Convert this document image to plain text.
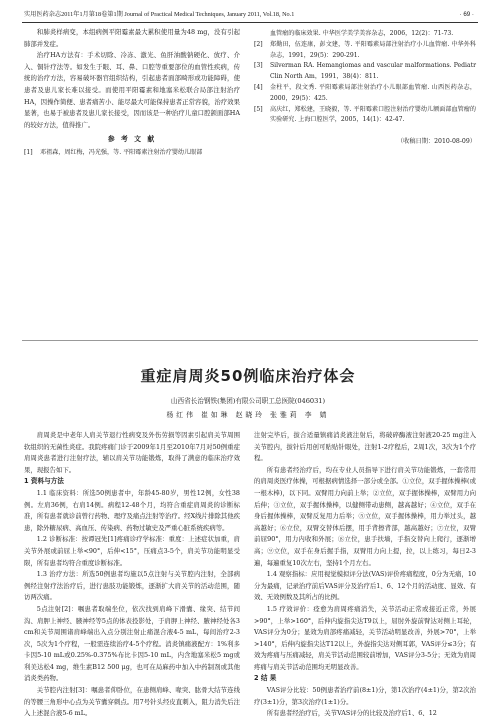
实用医药杂志2011年1月第18卷第1期 Journal of Practical Medical Techniques, January 2011, Vol.18, No.1	· 69 ·

和肺炎样病变，本组病例平阳霉素最大累积使用量为48 mg，没有引起肺部并发症。

治疗HA方法有：手术切除、冷冻、激光、鱼肝油酸钠硬化、放疗、介入、铜针疗法等。如发生于眼、耳、鼻、口腔等重要部位的血管性疾病，传统的治疗方法，容易破坏器官组织结构，引起患者面部畸形或功能障碍，使患者及患儿家长难以接受。而使用平阳霉素和地塞米松联合局部注射治疗HA，因操作简便、患者痛苦小、能尽最大可能保持患者正常容貌，治疗效果显著，也易于被患者及患儿家长接受，因而该是一种治疗儿童口腔颌面部HA的较好方法，值得推广。

参 考 文 献
[1]	邓祖森，周红梅，冯光强，等. 平阳霉素注射治疗婴幼儿眼部
血管瘤的临床效果. 中华医学美学美容杂志，2006，12(2)：71-73.
[2]	郑勤田，伍连康，彭文建，等. 平阳霉素局部注射治疗小儿血管瘤. 中华外科杂志，1991，29(5)：290-291.
[3]	Silverman RA. Hemangiomas and vascular malformations. Pediatr Clin North Am，1991，38(4)：811.
[4]	金柱平，段文秀. 平阳霉素局部注射治疗小儿眼部血管瘤. 山西医药杂志，2000，29(5)：425.
[5]	高庆红，郑松建，王晓毅，等. 平阳霉素口腔注射治疗婴幼儿额面部血管瘤的实验研究. 上海口腔医学，2005，14(1)：42-47.
（收稿日期：2010-08-09）
重症肩周炎50例临床治疗体会
山西省长治钢铁(集团)有限公司职工总医院(046031)
杨红伟 崔如琳 赵晓玲 张雅莉 李 婧

肩周炎是中老年人肩关节退行性病变及外伤劳损等因素引起肩关节周围软组织的无菌性炎症。我院疼痛门诊于2009年1月至2010年7月对50例重症肩周炎患者进行注射疗法，辅以肩关节功能锻炼，取得了满意的临床治疗效果，现报告如下。

1 资料与方法

1.1 临床资料：所选50例患者中，年龄45-80岁，男性12例，女性38例。左肩36例，右肩14例。病程12-48个月，均符合重症肩周炎的诊断标准，所有患者就诊前曾行药物、理疗及痛点注射等治疗。经X线片排除其他疾患，除外糖尿病、高血压、传染病、药物过敏史及严重心脏系统疾病等。

1.2 诊断标准：按谭冠先[1]疼痛诊疗学标准：重度：上述症状加重，肩关节外展或前屈上举<90°，后伸<15°，压痛点3-5个，肩关节功能明显受限，所有患者均符合重度诊断标准。

1.3 治疗方法：所选50例患者均施以5点注射与关节腔内注射，全部病例经注射疗法治疗后，进行患肢功能锻炼，逐渐扩大肩关节的活动范围，随访两次痛。

5点注射[2]：嘱患者取端坐位，依次找到肩峰下滑囊、缘突、结节间沟、肩胛上神经、腋神经等5点的体表投影处，于肩胛上神经、腋神经处各3 cm和关节周围诸肩峰端出入点分别注射止痛混合液4-5 mL，每间治疗2-3次，5次为1个疗程，一般需连续治疗4-5个疗程。消炎镇痛液配方：1%利多卡因5-10 mL或0.25%-0.375%布比卡因5-10 mL，内含地塞米松5 mg或利美达松4 mg，维生素B12 500 μg，也可在局麻药中加入中药制剂或其他消炎类药物。

关节腔内注射[3]：嘱患者仰卧位，在患侧肩峰、喙突、肱骨大结节连线的等腰三角形中心点为关节囊穿刺点。用7号针头经皮直刺入，阻力消失后注入上述混合液5-6 mL。

注射完毕后，拔合适量镇痛消炎液注射后，将破碎酶液注射液20-25 mg注入关节腔内，拔针后用创可贴贴针眼处，注射1-2疗程后，2周1次，3次为1个疗程。

所有患者经治疗后，均在专业人员指导下进行肩关节功能锻炼，一套常用的肩周炎医疗体操，可根据病情选择一部分或全部。①立位，双手握体操棒(或一根木棒)，以下同。双臂用力向前上举；②立位，双手握体操棒，双臂用力向后伸；③立位，双手握体操棒，以健侧带动患侧，越高越好；④立位，双手在身后握体操棒，双臂反复用力后举；⑤立位，双手握体操棒，用力举过头，越高越好；⑥立位，双臂交替体后摆，用手背擦背部，越高越好；⑦立位，双臂前屈90°，用力内收和外展；⑧立位，患手扶墙，手指交替向上爬行，逐渐增高；⑨立位，双手在身后握手指，双臂用力向上提，拉，以上练习，每日2-3遍，每遍重复10次左右，坚持1个月左右。

1.4 观察指标：应用视觉模拟评分法(VAS)评价疼痛程度，0分为无痛，10分为最痛，记录治疗前后VAS评分及治疗后1、6、12个月的活动度、显效、有效、无效例数及其所占的比例。

1.5 疗效评价：痊愈为肩周疼痛消失，关节活动正常或接近正常，外展>90°，上举>160°，后伸内旋指尖达T9以上，屈肘外旋前臂达对侧上耳轮，VAS评分为0分；显效为肩部疼痛减轻，关节活动明显改善，外展>70°，上举>140°，后伸内旋指尖达T12以上，外旋指尖达对侧耳郭，VAS评分≤3分；有效为疼痛与压痛减轻，肩关节活动范围较前增加，VAS评分3-5分；无效为肩周疼痛与肩关节活动范围均无明显改善。

2 结 果

VAS评分比较：50例患者治疗前(8±1)分，第1次治疗(4±1)分，第2次治疗(3±1)分，第3次治疗(1±1)分。

所有患者经治疗后，关节VAS评分的比较及治疗后1、6、12
